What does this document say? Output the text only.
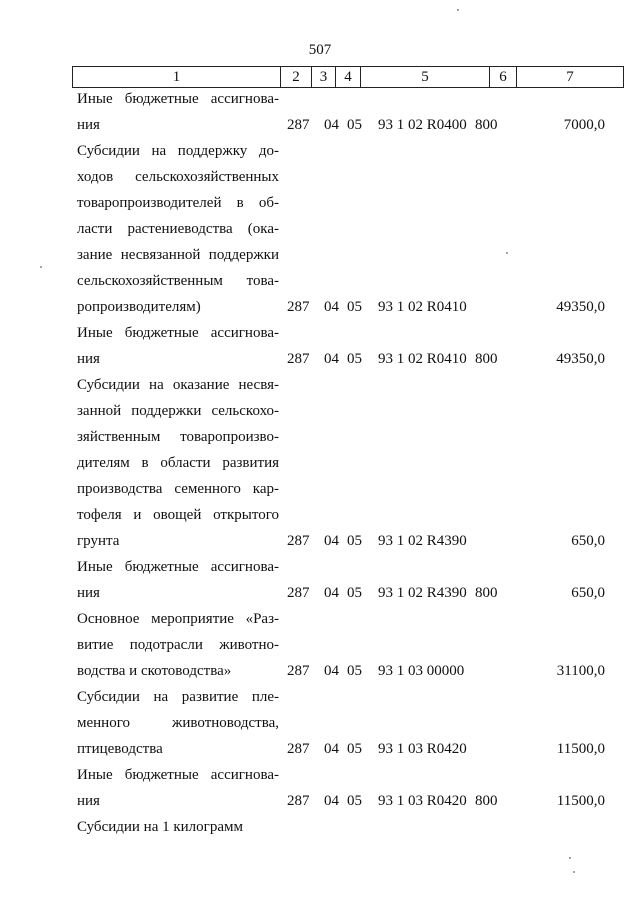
507
1	2	3	4	5	6	7
Иные бюджетные ассигнова-
ния	287 04 05 93 1 02 R0400 800	7000,0
Субсидии на поддержку до-
ходов сельскохозяйственных
товаропроизводителей в об-
ласти растениеводства (ока-
зание несвязанной поддержки
сельскохозяйственным това-
ропроизводителям)	287 04 05 93 1 02 R0410	49350,0
Иные бюджетные ассигнова-
ния	287 04 05 93 1 02 R0410 800	49350,0
Субсидии на оказание несвя-
занной поддержки сельскохо-
зяйственным товаропроизво-
дителям в области развития
производства семенного кар-
тофеля и овощей открытого
грунта	287 04 05 93 1 02 R4390	650,0
Иные бюджетные ассигнова-
ния	287 04 05 93 1 02 R4390 800	650,0
Основное мероприятие «Раз-
витие подотрасли животно-
водства и скотоводства»	287 04 05 93 1 03 00000	31100,0
Субсидии на развитие пле-
менного животноводства,
птицеводства	287 04 05 93 1 03 R0420	11500,0
Иные бюджетные ассигнова-
ния	287 04 05 93 1 03 R0420 800	11500,0
Субсидии на 1 килограмм
